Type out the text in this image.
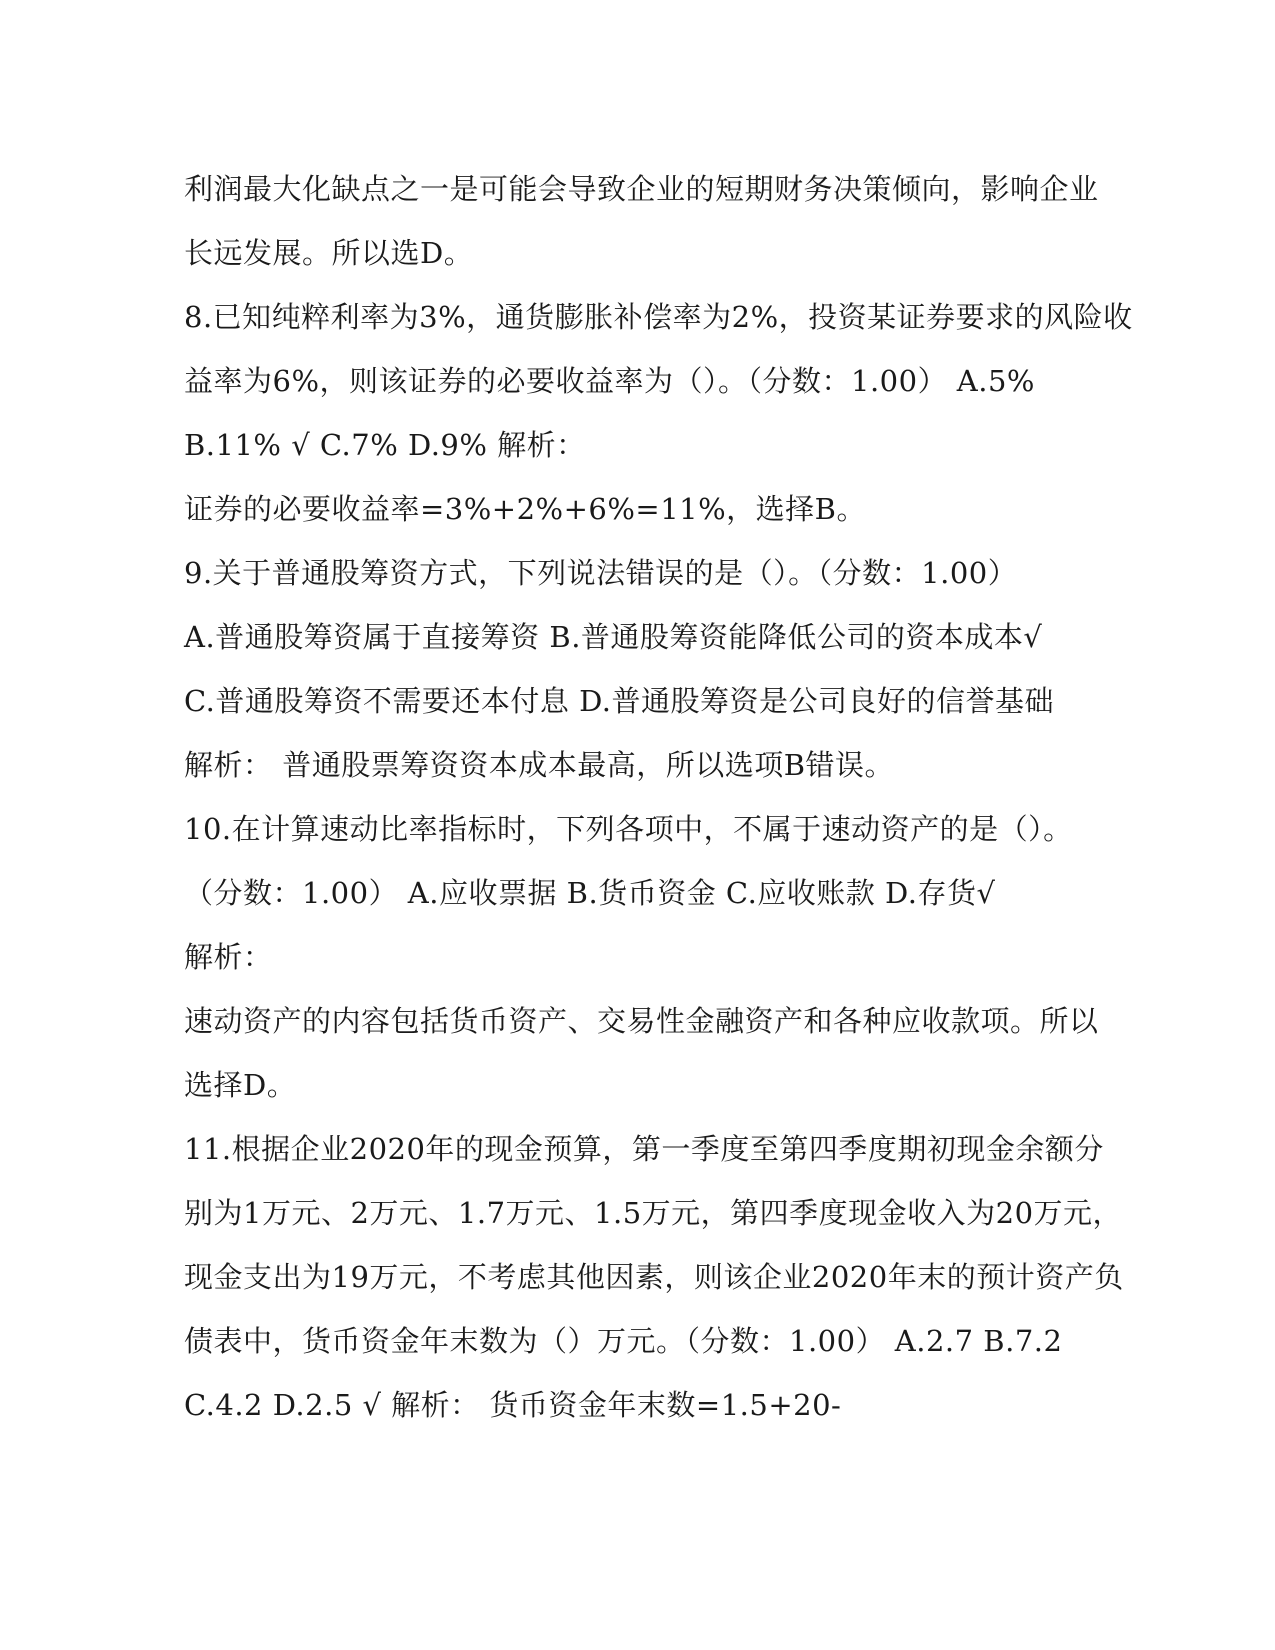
利润最大化缺点之一是可能会导致企业的短期财务决策倾向，影响企业
长远发展。所以选D。
8.已知纯粹利率为3%，通货膨胀补偿率为2%，投资某证券要求的风险收
益率为6%，则该证券的必要收益率为（）。（分数：1.00） A.5%
B.11% √ C.7% D.9% 解析：
证券的必要收益率=3%+2%+6%=11%，选择B。
9.关于普通股筹资方式，下列说法错误的是（）。（分数：1.00）
A.普通股筹资属于直接筹资 B.普通股筹资能降低公司的资本成本√
C.普通股筹资不需要还本付息 D.普通股筹资是公司良好的信誉基础
解析： 普通股票筹资资本成本最高，所以选项B错误。
10.在计算速动比率指标时，下列各项中，不属于速动资产的是（）。
（分数：1.00） A.应收票据 B.货币资金 C.应收账款 D.存货√
解析：
速动资产的内容包括货币资产、交易性金融资产和各种应收款项。所以
选择D。
11.根据企业2020年的现金预算，第一季度至第四季度期初现金余额分
别为1万元、2万元、1.7万元、1.5万元，第四季度现金收入为20万元，
现金支出为19万元，不考虑其他因素，则该企业2020年末的预计资产负
债表中，货币资金年末数为（）万元。（分数：1.00） A.2.7 B.7.2
C.4.2 D.2.5 √ 解析： 货币资金年末数=1.5+20-
